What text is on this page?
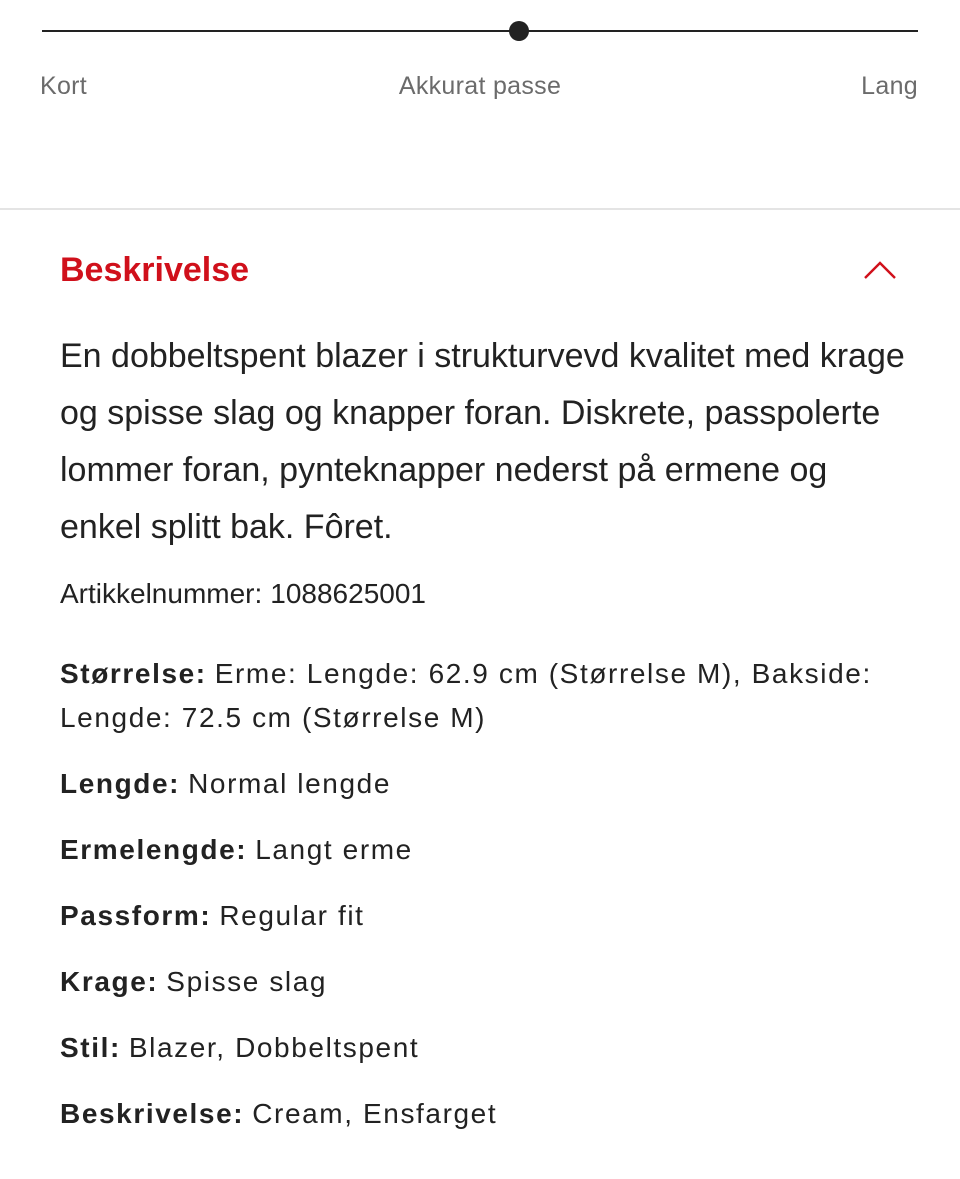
Kort	Akkurat passe	Lang
Beskrivelse

En dobbeltspent blazer i strukturvevd kvalitet med krage og spisse slag og knapper foran. Diskrete, passpolerte lommer foran, pynteknapper nederst på ermene og enkel splitt bak. Fôret.

Artikkelnummer: 1088625001
Størrelse: Erme: Lengde: 62.9 cm (Størrelse M), Bakside: Lengde: 72.5 cm (Størrelse M)
Lengde: Normal lengde
Ermelengde: Langt erme
Passform: Regular fit
Krage: Spisse slag
Stil: Blazer, Dobbeltspent
Beskrivelse: Cream, Ensfarget
